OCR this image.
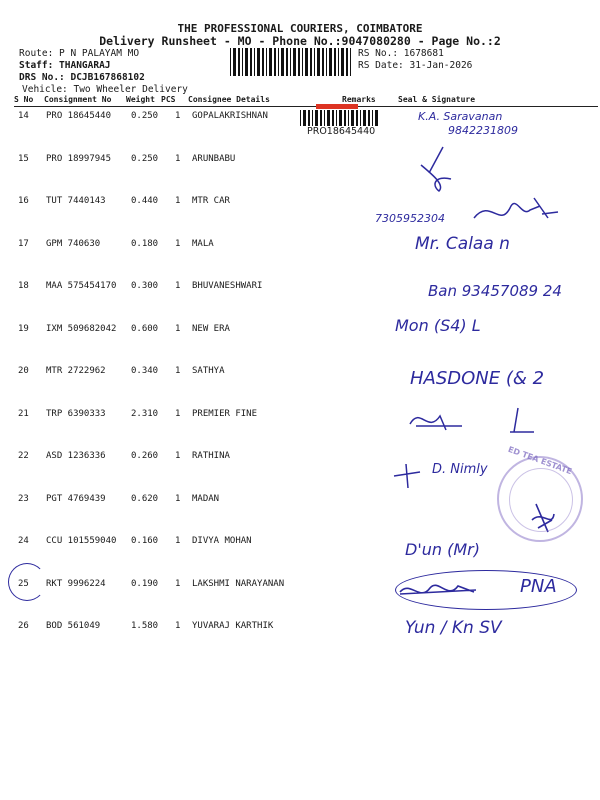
THE PROFESSIONAL COURIERS, COIMBATORE
Delivery Runsheet - MO - Phone No.:9047080280 - Page No.:2
Route: P N PALAYAM MO
Staff: THANGARAJ
DRS No.: DCJB167868102
Vehicle: Two Wheeler Delivery
RS No.: 1678681
RS Date: 31-Jan-2026
S No Consignment No Weight PCS Consignee Details	Remarks	Seal & Signature
PRO18645440
14 PRO 18645440 0.250 1 GOPALAKRISHNAN
15 PRO 18997945 0.250 1 ARUNBABU
16 TUT 7440143	0.440 1 MTR CAR
17 GPM 740630	0.180 1 MALA
18 MAA 575454170 0.300 1 BHUVANESHWARI
19 IXM 509682042 0.600 1 NEW ERA
20 MTR 2722962	0.340 1 SATHYA
21 TRP 6390333	2.310 1 PREMIER FINE
22 ASD 1236336	0.260 1 RATHINA
23 PGT 4769439	0.620 1 MADAN
24 CCU 101559040 0.160 1 DIVYA MOHAN
25 RKT 9996224	0.190 1 LAKSHMI NARAYANAN
26 BOD 561049	1.580 1 YUVARAJ KARTHIK
K.A. Saravanan
9842231809
7305952304
Mr. Calaa n
Ban 93457089 24
Mon (S4) L
HASDONE (& 2
D. Nimly
D'un (Mr)
PNA
Yun / Kn SV
ED TEA ESTATE
